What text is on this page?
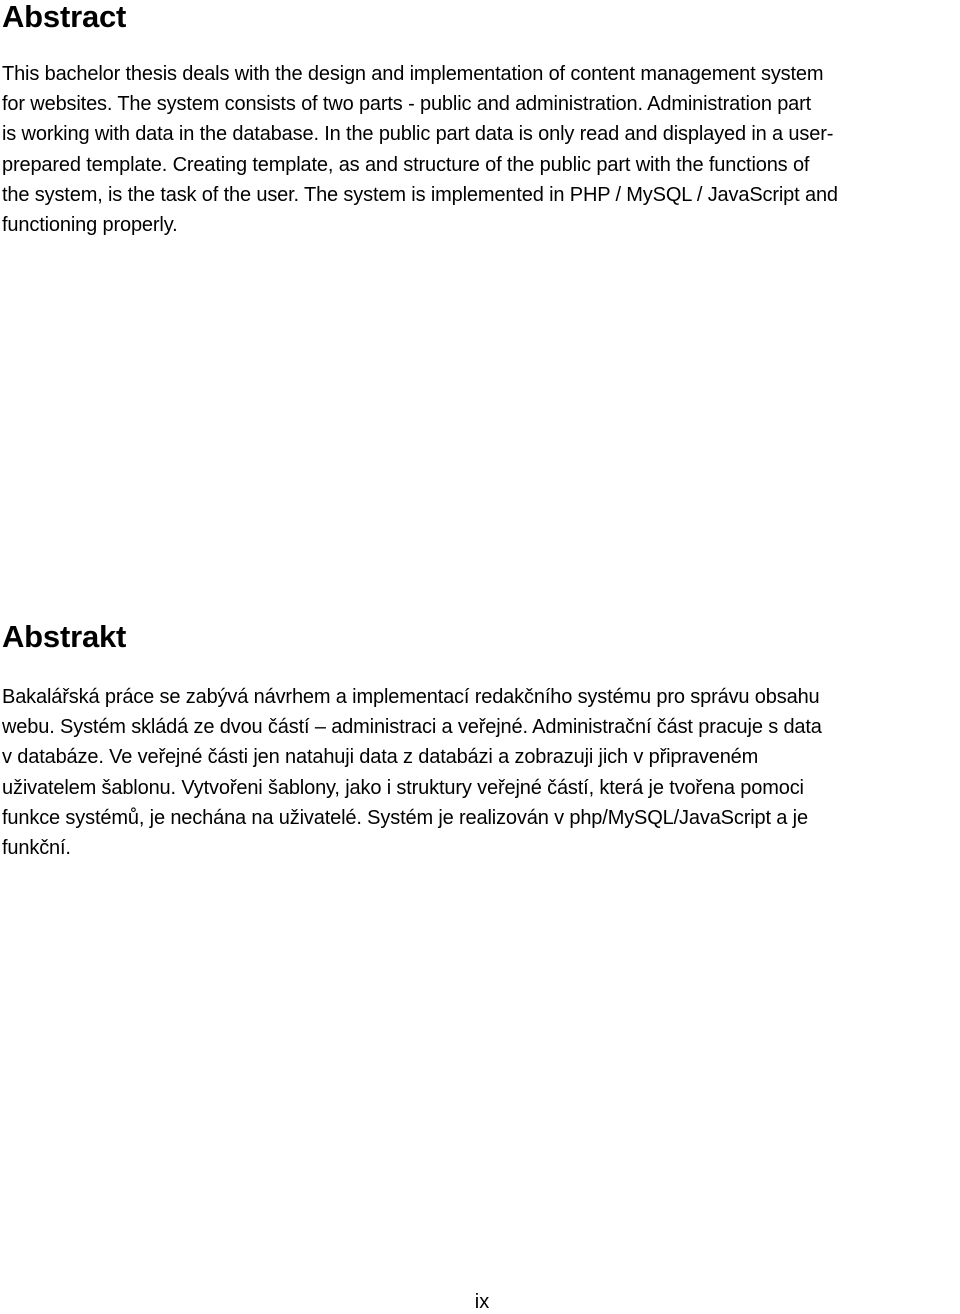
Abstract

This bachelor thesis deals with the design and implementation of content management system
for websites. The system consists of two parts - public and administration. Administration part
is working with data in the database. In the public part data is only read and displayed in a user-
prepared template. Creating template, as and structure of the public part with the functions of
the system, is the task of the user. The system is implemented in PHP / MySQL / JavaScript and
functioning properly.

Abstrakt

Bakalářská práce se zabývá návrhem a implementací redakčního systému pro správu obsahu
webu. Systém skládá ze dvou částí – administraci a veřejné. Administrační část pracuje s data
v databáze. Ve veřejné části jen natahuji data z databázi a zobrazuji jich v připraveném
uživatelem šablonu. Vytvořeni šablony, jako i struktury veřejné částí, která je tvořena pomoci
funkce systémů, je nechána na uživatelé. Systém je realizován v php/MySQL/JavaScript a je
funkční.

ix
